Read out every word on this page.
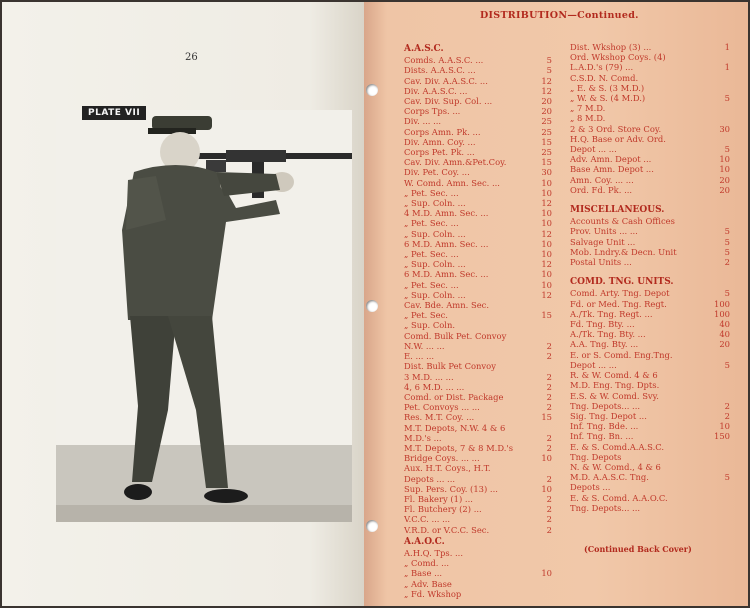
26
PLATE VII
DISTRIBUTION—Continued.
A.A.S.C.
Comds. A.A.S.C. ...	5
Dists. A.A.S.C. ...	5
Cav. Div. A.A.S.C. ...	12
Div. A.A.S.C. ...	12
Cav. Div. Sup. Col. ...	20
Corps Tps. ...	20
Div. ... ...	25
Corps Amn. Pk. ...	25
Div. Amn. Coy. ...	15
Corps Pet. Pk. ...	25
Cav. Div. Amn.&Pet.Coy.	15
Div. Pet. Coy. ...	30
W. Comd. Amn. Sec. ...	10
„ Pet. Sec. ...	10
„ Sup. Coln. ...	12
4 M.D. Amn. Sec. ...	10
„ Pet. Sec. ...	10
„ Sup. Coln. ...	12
6 M.D. Amn. Sec. ...	10
„ Pet. Sec. ...	10
„ Sup. Coln. ...	12
6 M.D. Amn. Sec. ...	10
„ Pet. Sec. ...	10
„ Sup. Coln. ...	12
Cav. Bde. Amn. Sec.
„ Pet. Sec.	15
„ Sup. Coln.
Comd. Bulk Pet. Convoy
N.W. ... ...	2
E. ... ...	2
Dist. Bulk Pet Convoy
3 M.D. ... ...	2
4, 6 M.D. ... ...	2
Comd. or Dist. Package	2
Pet. Convoys ... ...	2
Res. M.T. Coy. ...	15
M.T. Depots, N.W. 4 & 6
M.D.'s ...	2
M.T. Depots, 7 & 8 M.D.'s	2
Bridge Coys. ... ...	10
Aux. H.T. Coys., H.T.
Depots ... ...	2
Sup. Pers. Coy. (13) ...	10
Fl. Bakery (1) ...	2
Fl. Butchery (2) ...	2
V.C.C. ... ...	2
V.R.D. or V.C.C. Sec.	2
A.A.O.C.
A.H.Q. Tps. ...
„ Comd. ...
„ Base ...	10
„ Adv. Base
„ Fd. Wkshop
Dist. Wkshop (3) ...	1
Ord. Wkshop Coys. (4)
L.A.D.'s (79) ...	1
C.S.D. N. Comd.
„ E. & S. (3 M.D.)
„ W. & S. (4 M.D.)	5
„ 7 M.D.
„ 8 M.D.
2 & 3 Ord. Store Coy.	30
H.Q. Base or Adv. Ord.
Depot ... ...	5
Adv. Amn. Depot ...	10
Base Amn. Depot ...	10
Amn. Coy. ... ...	20
Ord. Fd. Pk. ...	20
MISCELLANEOUS.
Accounts & Cash Offices
Prov. Units ... ...	5
Salvage Unit ...	5
Mob. Lndry.& Decn. Unit	5
Postal Units ...	2
COMD. TNG. UNITS.
Comd. Arty. Tng. Depot	5
Fd. or Med. Tng. Regt.	100
A./Tk. Tng. Regt. ...	100
Fd. Tng. Bty. ...	40
A./Tk. Tng. Bty. ...	40
A.A. Tng. Bty. ...	20
E. or S. Comd. Eng.Tng.
Depot ... ...	5
R. & W. Comd. 4 & 6
M.D. Eng. Tng. Dpts.
E.S. & W. Comd. Svy.
Tng. Depots... ...	2
Sig. Tng. Depot ...	2
Inf. Tng. Bde. ...	10
Inf. Tng. Bn. ...	150
E. & S. Comd.A.A.S.C.
Tng. Depots
N. & W. Comd., 4 & 6
M.D. A.A.S.C. Tng.	5
Depots ...
E. & S. Comd. A.A.O.C.
Tng. Depots... ...
(Continued Back Cover)
